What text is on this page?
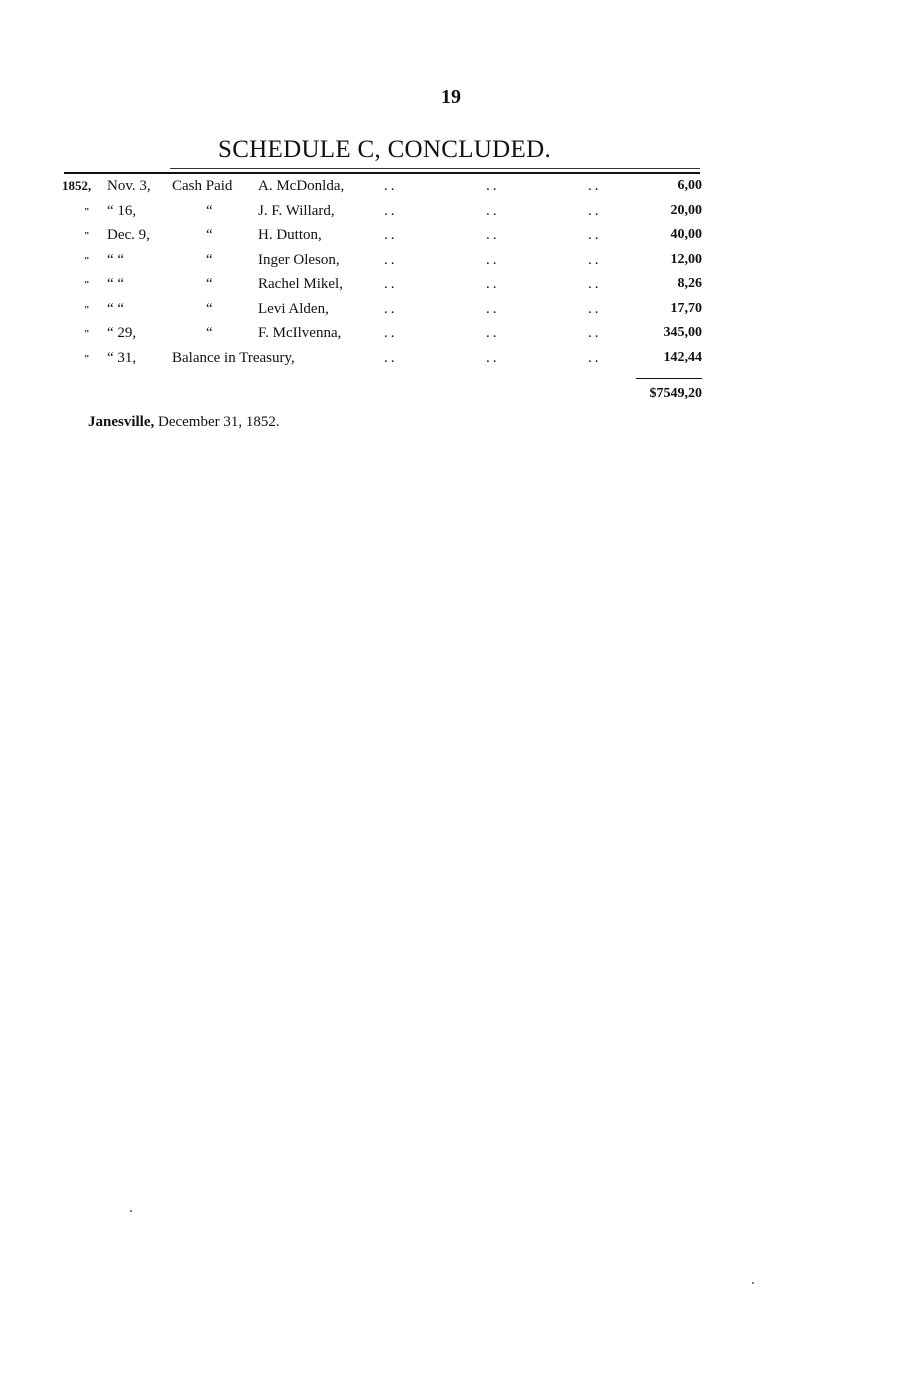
19
SCHEDULE C, CONCLUDED.
1852, Nov. 3, Cash Paid A. McDonlda,	..	..	..	6,00
" “ 16,	“	J. F. Willard,	..	..	..	20,00
" Dec. 9,	“	H. Dutton,	..	..	..	40,00
" “ “	“	Inger Oleson,	..	..	..	12,00
" “ “	“	Rachel Mikel,	..	..	..	8,26
" “ “	“	Levi Alden,	..	..	..	17,70
" “ 29,	“	F. McIlvenna,	..	..	..	345,00
" “ 31, Balance in Treasury,	..	..	..	142,44
$7549,20
Janesville, December 31, 1852.
